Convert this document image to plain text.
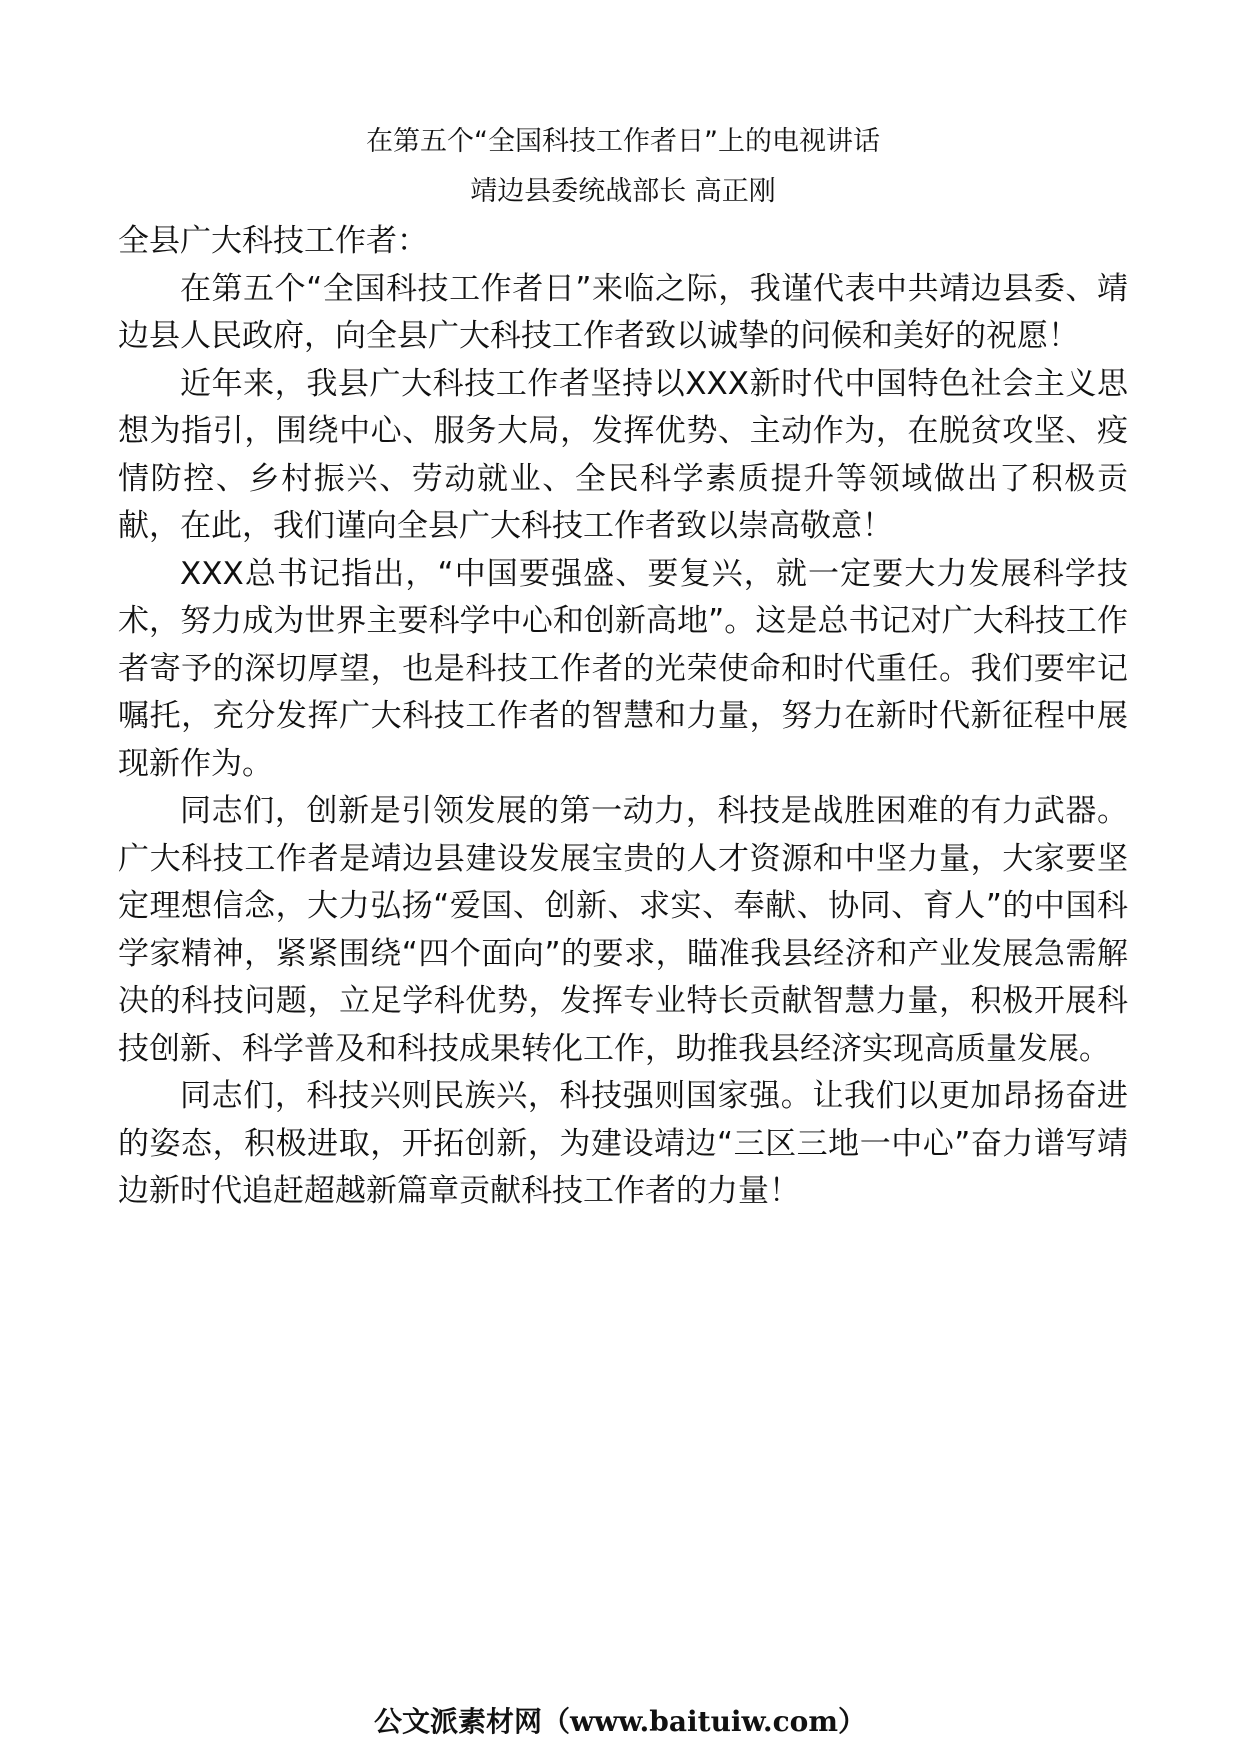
在第五个“全国科技工作者日”上的电视讲话
靖边县委统战部长 高正刚

全县广大科技工作者：

在第五个“全国科技工作者日”来临之际，我谨代表中共靖边县委、靖边县人民政府，向全县广大科技工作者致以诚挚的问候和美好的祝愿！

近年来，我县广大科技工作者坚持以XXX新时代中国特色社会主义思想为指引，围绕中心、服务大局，发挥优势、主动作为，在脱贫攻坚、疫情防控、乡村振兴、劳动就业、全民科学素质提升等领域做出了积极贡献，在此，我们谨向全县广大科技工作者致以崇高敬意！

XXX总书记指出，“中国要强盛、要复兴，就一定要大力发展科学技术，努力成为世界主要科学中心和创新高地”。这是总书记对广大科技工作者寄予的深切厚望，也是科技工作者的光荣使命和时代重任。我们要牢记嘱托，充分发挥广大科技工作者的智慧和力量，努力在新时代新征程中展现新作为。

同志们，创新是引领发展的第一动力，科技是战胜困难的有力武器。广大科技工作者是靖边县建设发展宝贵的人才资源和中坚力量，大家要坚定理想信念，大力弘扬“爱国、创新、求实、奉献、协同、育人”的中国科学家精神，紧紧围绕“四个面向”的要求，瞄准我县经济和产业发展急需解决的科技问题，立足学科优势，发挥专业特长贡献智慧力量，积极开展科技创新、科学普及和科技成果转化工作，助推我县经济实现高质量发展。

同志们，科技兴则民族兴，科技强则国家强。让我们以更加昂扬奋进的姿态，积极进取，开拓创新，为建设靖边“三区三地一中心”奋力谱写靖边新时代追赶超越新篇章贡献科技工作者的力量！

公文派素材网（www.baituiw.com）
